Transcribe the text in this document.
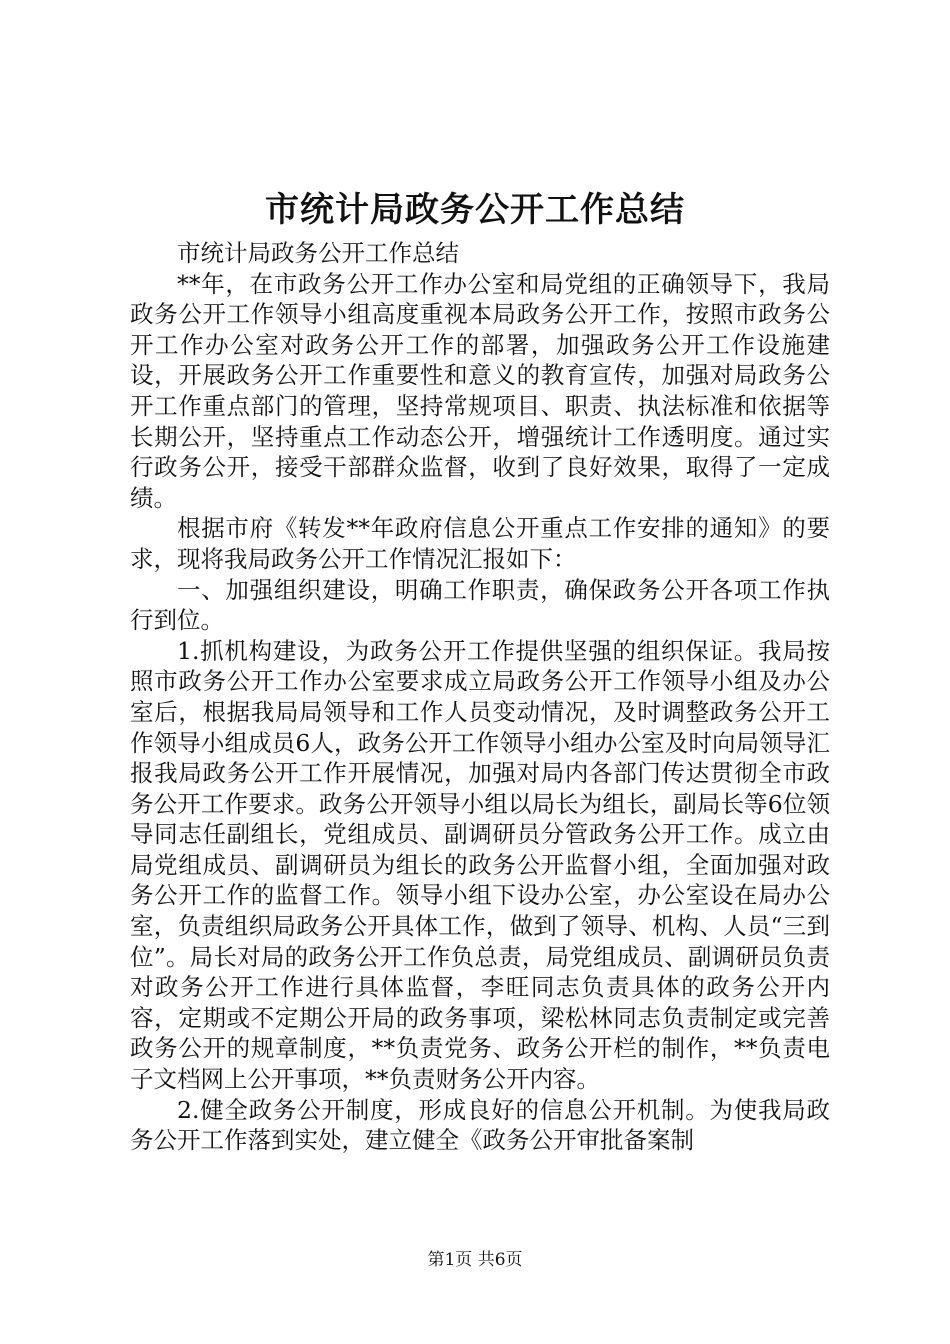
市统计局政务公开工作总结

市统计局政务公开工作总结

**年，在市政务公开工作办公室和局党组的正确领导下，我局政务公开工作领导小组高度重视本局政务公开工作，按照市政务公开工作办公室对政务公开工作的部署，加强政务公开工作设施建设，开展政务公开工作重要性和意义的教育宣传，加强对局政务公开工作重点部门的管理，坚持常规项目、职责、执法标准和依据等长期公开，坚持重点工作动态公开，增强统计工作透明度。通过实行政务公开，接受干部群众监督，收到了良好效果，取得了一定成绩。

根据市府《转发**年政府信息公开重点工作安排的通知》的要求，现将我局政务公开工作情况汇报如下：

一、加强组织建设，明确工作职责，确保政务公开各项工作执行到位。

1.抓机构建设，为政务公开工作提供坚强的组织保证。我局按照市政务公开工作办公室要求成立局政务公开工作领导小组及办公室后，根据我局局领导和工作人员变动情况，及时调整政务公开工作领导小组成员6人，政务公开工作领导小组办公室及时向局领导汇报我局政务公开工作开展情况，加强对局内各部门传达贯彻全市政务公开工作要求。政务公开领导小组以局长为组长，副局长等6位领导同志任副组长，党组成员、副调研员分管政务公开工作。成立由局党组成员、副调研员为组长的政务公开监督小组，全面加强对政务公开工作的监督工作。领导小组下设办公室，办公室设在局办公室，负责组织局政务公开具体工作，做到了领导、机构、人员“三到位”。局长对局的政务公开工作负总责，局党组成员、副调研员负责对政务公开工作进行具体监督，李旺同志负责具体的政务公开内容，定期或不定期公开局的政务事项，梁松林同志负责制定或完善政务公开的规章制度，**负责党务、政务公开栏的制作，**负责电子文档网上公开事项，**负责财务公开内容。

2.健全政务公开制度，形成良好的信息公开机制。为使我局政务公开工作落到实处，建立健全《政务公开审批备案制

第1页 共6页
